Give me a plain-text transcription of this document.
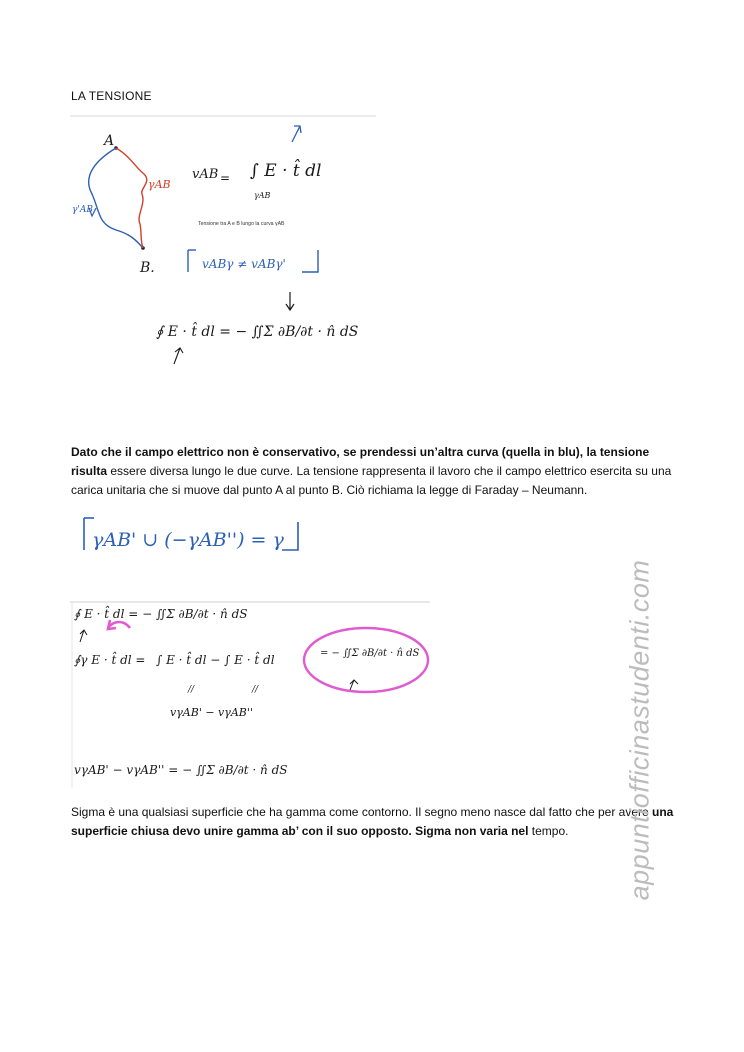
LA TENSIONE
A
B.
γAB
γ'AB
vAB = ∫ E · t̂ dl
γAB
Tensione tra A e B lungo la curva γAB
vABγ ≠ vABγ'
∮ E · t̂ dl = − ∬Σ ∂B/∂t · n̂ dS
Dato che il campo elettrico non è conservativo, se prendessi un’altra curva (quella in blu), la tensione risulta essere diversa lungo le due curve. La tensione rappresenta il lavoro che il campo elettrico esercita su una carica unitaria che si muove dal punto A al punto B. Ciò richiama la legge di Faraday – Neumann.
γAB' ∪ (−γAB'') = γ
∮ E · t̂ dl = − ∬Σ ∂B/∂t · n̂ dS
∮γ E · t̂ dl = ∫ E · t̂ dl − ∫ E · t̂ dl	= − ∬Σ ∂B/∂t · n̂ dS
//	//
vγAB' − vγAB''
vγAB' − vγAB'' = − ∬Σ ∂B/∂t · n̂ dS
Sigma è una qualsiasi superficie che ha gamma come contorno. Il segno meno nasce dal fatto che per avere una superficie chiusa devo unire gamma ab’ con il suo opposto. Sigma non varia nel tempo.	appuntiofficinastudenti.com
